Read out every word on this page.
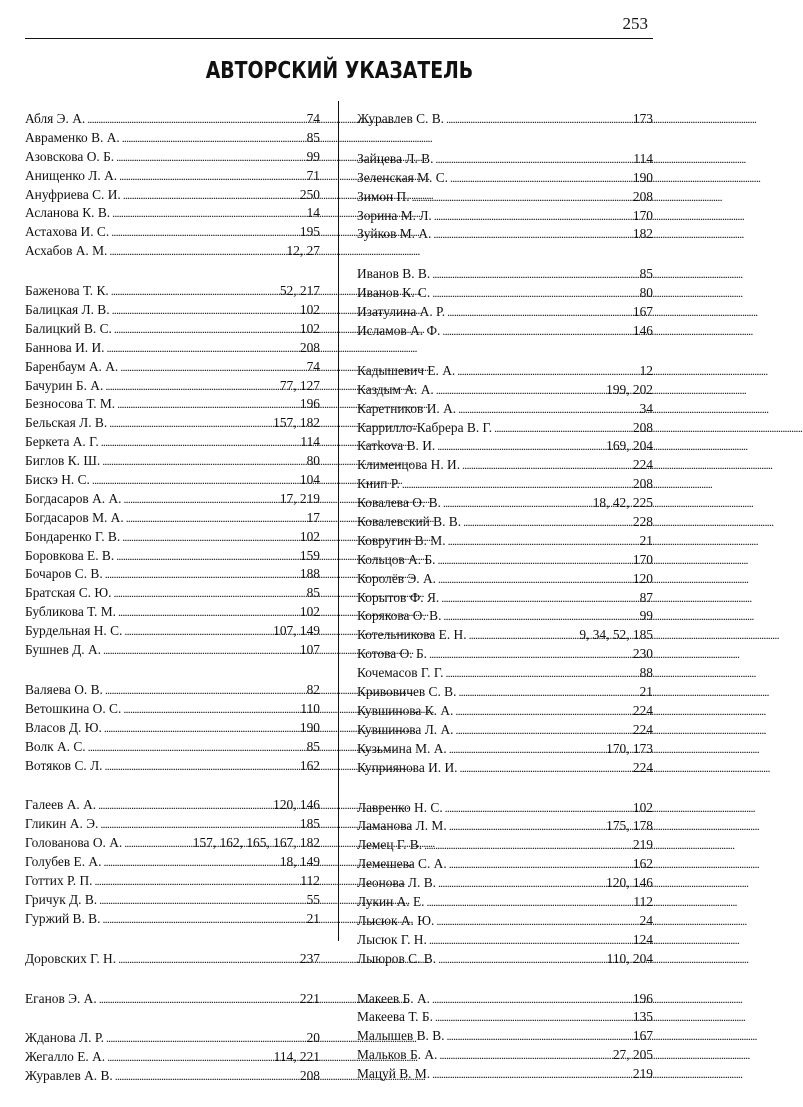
253
АВТОРСКИЙ УКАЗАТЕЛЬ
Абля Э. А. . . .	74
Авраменко В. А. . . .	85
Азовскова О. Б. . . .	99
Анищенко Л. А. . . .	71
Ануфриева С. И. . . .	250
Асланова К. В. . . .	14
Астахова И. С. . . .	195
Асхабов А. М. . . .	12, 27
Баженова Т. К. . . .	52, 217
Балицкая Л. В. . . .	102
Балицкий В. С. . . .	102
Баннова И. И. . . .	208
Баренбаум А. А. . . .	74
Бачурин Б. А. . . .	77, 127
Безносова Т. М. . . .	196
Бельская Л. В. . . .	157, 182
Беркета А. Г. . . .	114
Биглов К. Ш. . . .	80
Бискэ Н. С. . . .	104
Богдасаров А. А. . . .	17, 219
Богдасаров М. А. . . .	17
Бондаренко Г. В. . . .	102
Боровкова Е. В. . . .	159
Бочаров С. В. . . .	188
Братская С. Ю. . . .	85
Бубликова Т. М. . . .	102
Бурдельная Н. С. . . .	107, 149
Бушнев Д. А. . . .	107
Валяева О. В. . . .	82
Ветошкина О. С. . . .	110
Власов Д. Ю. . . .	190
Волк А. С. . . .	85
Вотяков С. Л. . . .	162
Галеев А. А. . . .	120, 146
Гликин А. Э. . . .	185
Голованова О. А. . . .	157, 162, 165, 167, 182
Голубев Е. А. . . .	18, 149
Готтих Р. П. . . .	112
Гричук Д. В. . . .	55
Гуржий В. В. . . .	21
Доровских Г. Н. . . .	237
Еганов Э. А. . . .	221
Жданова Л. Р. . . .	20
Жегалло Е. А. . . .	114, 221
Журавлев А. В. . . .	208
Журавлев С. В. . . .	173
Зайцева Л. В. . . .	114
Зеленская М. С. . . .	190
Зимон П. . . .	208
Зорина М. Л. . . .	170
Зуйков М. А. . . .	182
Иванов В. В. . . .	85
Иванов К. С. . . .	80
Изатулина А. Р. . . .	167
Исламов А. Ф. . . .	146
Кадышевич Е. А. . . .	12
Каздым А. А. . . .	199, 202
Каретников И. А. . . .	34
Каррилло-Кабрера В. Г. . . .	208
Катkova В. И. . . .	169, 204
Клименцова Н. И. . . .	224
Книп Р. . . .	208
Ковалева О. В. . . .	18, 42, 225
Ковалевский В. В. . . .	228
Ковругин В. М. . . .	21
Кольцов А. Б. . . .	170
Королёв Э. А. . . .	120
Корытов Ф. Я. . . .	87
Корякова О. В. . . .	99
Котельникова Е. Н. . . .	9, 34, 52, 185
Котова О. Б. . . .	230
Кочемасов Г. Г. . . .	88
Кривовичев С. В. . . .	21
Кувшинова К. А. . . .	224
Кувшинова Л. А. . . .	224
Кузьмина М. А. . . .	170, 173
Куприянова И. И. . . .	224
Лавренко Н. С. . . .	102
Ламанова Л. М. . . .	175, 178
Лемец Г. В. . . .	219
Лемешева С. А. . . .	162
Леонова Л. В. . . .	120, 146
Лукин А. Е. . . .	112
Лысюк А. Ю. . . .	24
Лысюк Г. Н. . . .	124
Лыюров С. В. . . .	110, 204
Макеев Б. А. . . .	196
Макеева Т. Б. . . .	135
Малышев В. В. . . .	167
Мальков Б. А. . . .	27, 205
Мацуй В. М. . . .	219
